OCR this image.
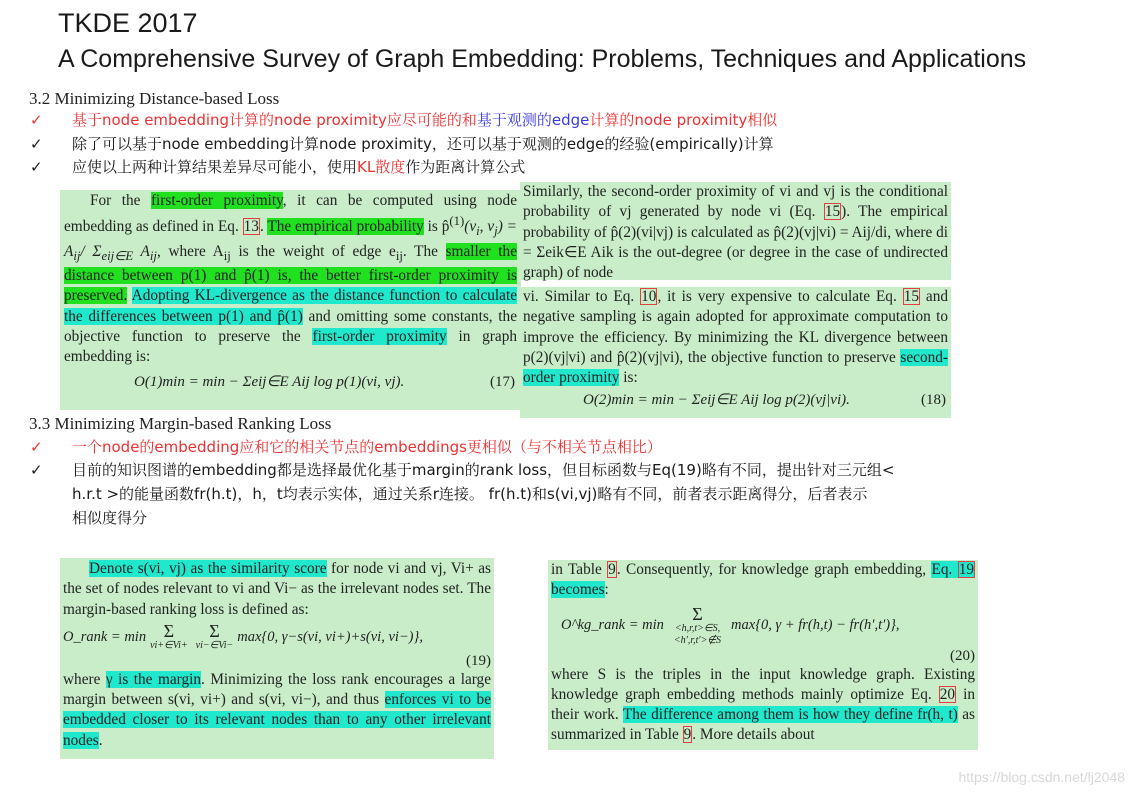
TKDE 2017
A Comprehensive Survey of Graph Embedding: Problems, Techniques and Applications
3.2 Minimizing Distance-based Loss
✓	基于node embedding计算的node proximity应尽可能的和基于观测的edge计算的node proximity相似
✓	除了可以基于node embedding计算node proximity，还可以基于观测的edge的经验(empirically)计算
✓	应使以上两种计算结果差异尽可能小，使用KL散度作为距离计算公式

For the first-order proximity, it can be computed using node embedding as defined in Eq. 13. The empirical probability is $p̂^{(1)}(v_i$, $v_j) = A_{ij}/$ $\Sigma_{eij\in E}$ $A_{ij}$, where $A_{ij}$ is the weight of edge $e_{ij}$. The smaller the distance between p(1) and p̂(1) is, the better first-order proximity is preserved. Adopting KL-divergence as the distance function to calculate the differences between p(1) and p̂(1) and omitting some constants, the objective function to preserve the first-order proximity in graph embedding is:

O(1)min = min − Σeij∈E Aij log p(1)(vi, vj).	(17)

Similarly, the second-order proximity of vi and vj is the conditional probability of vj generated by node vi (Eq. 15). The empirical probability of p̂(2)(vi|vj) is calculated as p̂(2)(vj|vi) = Aij/di, where di = Σeik∈E Aik is the out-degree (or degree in the case of undirected graph) of node

vi. Similar to Eq. 10, it is very expensive to calculate Eq. 15 and negative sampling is again adopted for approximate computation to improve the efficiency. By minimizing the KL divergence between p(2)(vj|vi) and p̂(2)(vj|vi), the objective function to preserve second-order proximity is:

O(2)min = min − Σeij∈E Aij log p(2)(vj|vi).	(18)
3.3 Minimizing Margin-based Ranking Loss
✓	一个node的embedding应和它的相关节点的embeddings更相似（与不相关节点相比）
✓	目前的知识图谱的embedding都是选择最优化基于margin的rank loss，但目标函数与Eq(19)略有不同，提出针对三元组<
h.r.t >的能量函数fr(h.t)，h，t均表示实体，通过关系r连接。 fr(h.t)和s(vi,vj)略有不同，前者表示距离得分，后者表示
相似度得分

Denote s(vi, vj) as the similarity score for node vi and vj, Vi+ as the set of nodes relevant to vi and Vi− as the irrelevant nodes set. The margin-based ranking loss is defined as:

O_rank = min Σ
vi+∈Vi+
Σ
vi−∈Vi−
max{0, γ−s(vi, vi+)+s(vi, vi−)},
(19)

where γ is the margin. Minimizing the loss rank encourages a large margin between s(vi, vi+) and s(vi, vi−), and thus enforces vi to be embedded closer to its relevant nodes than to any other irrelevant nodes.

in Table 9. Consequently, for knowledge graph embedding, Eq. 19 becomes:

O^kg_rank = min
Σ
<h,r,t>∈S,
<h′,r,t′>∉S
max{0, γ + fr(h,t) − fr(h′,t′)},
(20)

where S is the triples in the input knowledge graph. Existing knowledge graph embedding methods mainly optimize Eq. 20 in their work. The difference among them is how they define fr(h, t) as summarized in Table 9. More details about

https://blog.csdn.net/lj2048
